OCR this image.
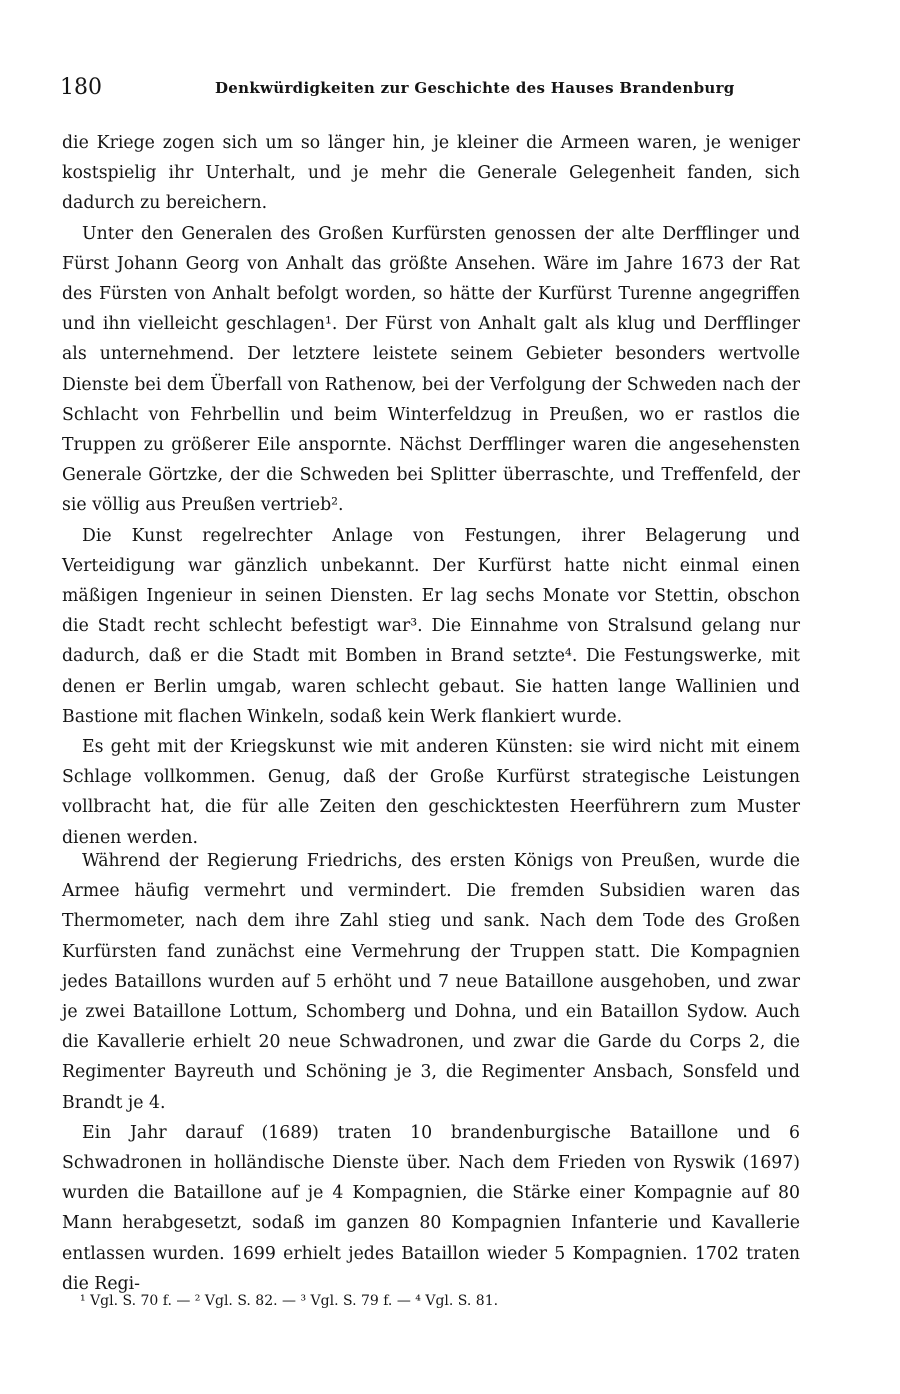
180	Denkwürdigkeiten zur Geschichte des Hauses Brandenburg

die Kriege zogen sich um so länger hin, je kleiner die Armeen waren, je weniger kostspielig ihr Unterhalt, und je mehr die Generale Gelegenheit fanden, sich dadurch zu bereichern.

Unter den Generalen des Großen Kurfürsten genossen der alte Derfflinger und Fürst Johann Georg von Anhalt das größte Ansehen. Wäre im Jahre 1673 der Rat des Fürsten von Anhalt befolgt worden, so hätte der Kurfürst Turenne angegriffen und ihn vielleicht geschlagen¹. Der Fürst von Anhalt galt als klug und Derfflinger als unternehmend. Der letztere leistete seinem Gebieter besonders wertvolle Dienste bei dem Überfall von Rathenow, bei der Verfolgung der Schweden nach der Schlacht von Fehrbellin und beim Winterfeldzug in Preußen, wo er rastlos die Truppen zu größerer Eile anspornte. Nächst Derfflinger waren die angesehensten Generale Görtzke, der die Schweden bei Splitter überraschte, und Treffenfeld, der sie völlig aus Preußen vertrieb².

Die Kunst regelrechter Anlage von Festungen, ihrer Belagerung und Verteidigung war gänzlich unbekannt. Der Kurfürst hatte nicht einmal einen mäßigen Ingenieur in seinen Diensten. Er lag sechs Monate vor Stettin, obschon die Stadt recht schlecht befestigt war³. Die Einnahme von Stralsund gelang nur dadurch, daß er die Stadt mit Bomben in Brand setzte⁴. Die Festungswerke, mit denen er Berlin umgab, waren schlecht gebaut. Sie hatten lange Wallinien und Bastione mit flachen Winkeln, sodaß kein Werk flankiert wurde.

Es geht mit der Kriegskunst wie mit anderen Künsten: sie wird nicht mit einem Schlage vollkommen. Genug, daß der Große Kurfürst strategische Leistungen vollbracht hat, die für alle Zeiten den geschicktesten Heerführern zum Muster dienen werden.

Während der Regierung Friedrichs, des ersten Königs von Preußen, wurde die Armee häufig vermehrt und vermindert. Die fremden Subsidien waren das Thermometer, nach dem ihre Zahl stieg und sank. Nach dem Tode des Großen Kurfürsten fand zunächst eine Vermehrung der Truppen statt. Die Kompagnien jedes Bataillons wurden auf 5 erhöht und 7 neue Bataillone ausgehoben, und zwar je zwei Bataillone Lottum, Schomberg und Dohna, und ein Bataillon Sydow. Auch die Kavallerie erhielt 20 neue Schwadronen, und zwar die Garde du Corps 2, die Regimenter Bayreuth und Schöning je 3, die Regimenter Ansbach, Sonsfeld und Brandt je 4.

Ein Jahr darauf (1689) traten 10 brandenburgische Bataillone und 6 Schwadronen in holländische Dienste über. Nach dem Frieden von Ryswik (1697) wurden die Bataillone auf je 4 Kompagnien, die Stärke einer Kompagnie auf 80 Mann herabgesetzt, sodaß im ganzen 80 Kompagnien Infanterie und Kavallerie entlassen wurden. 1699 erhielt jedes Bataillon wieder 5 Kompagnien. 1702 traten die Regi-

¹ Vgl. S. 70 f. — ² Vgl. S. 82. — ³ Vgl. S. 79 f. — ⁴ Vgl. S. 81.
